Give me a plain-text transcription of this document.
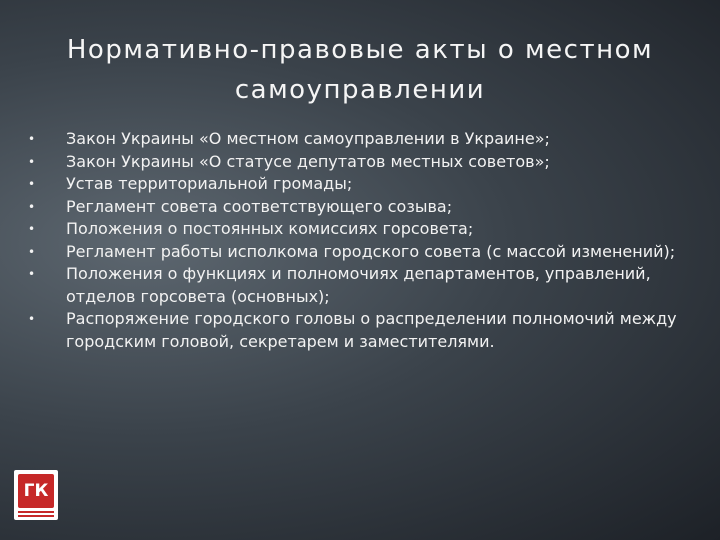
Нормативно-правовые акты о местном
самоуправлении
• Закон Украины «О местном самоуправлении в Украине»;
• Закон Украины «О статусе депутатов местных советов»;
• Устав территориальной громады;
• Регламент совета соответствующего созыва;
• Положения о постоянных комиссиях горсовета;
• Регламент работы исполкома городского совета (с массой изменений);
• Положения о функциях и полномочиях департаментов, управлений, отделов горсовета (основных);
• Распоряжение городского головы о распределении полномочий между городским головой, секретарем и заместителями.
ГК
